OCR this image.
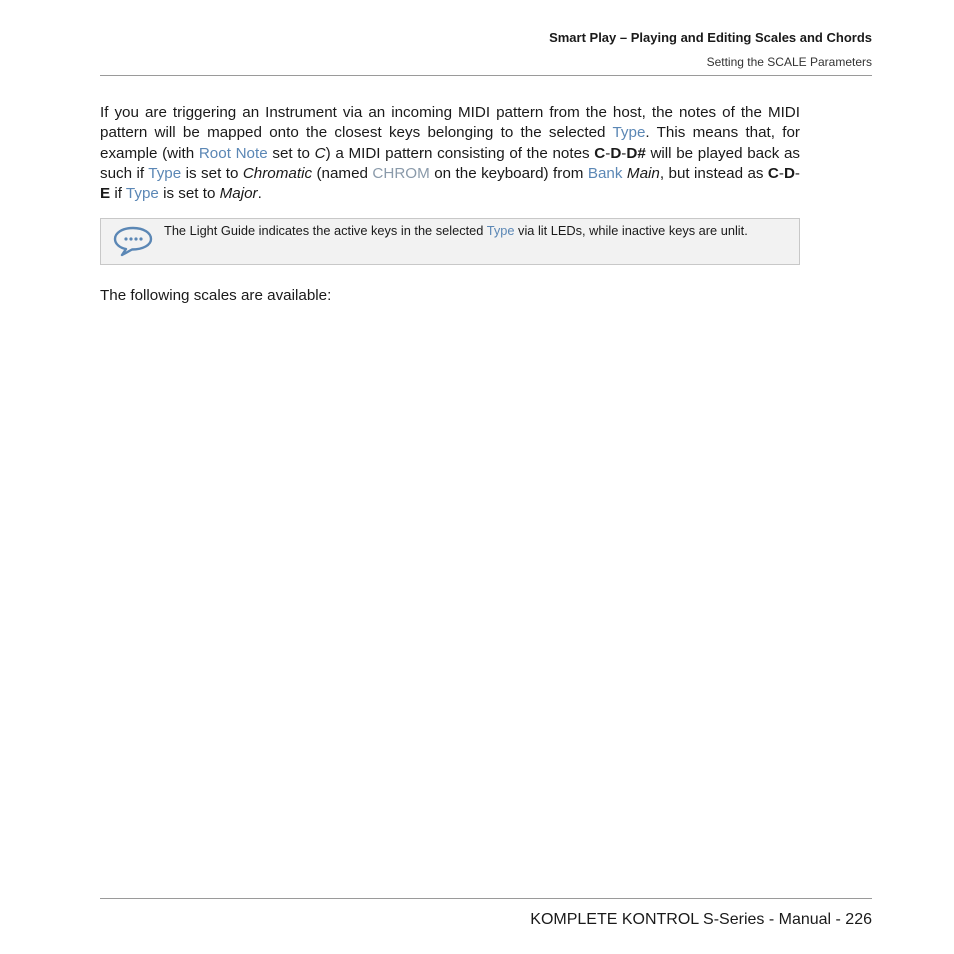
Smart Play – Playing and Editing Scales and Chords
Setting the SCALE Parameters
If you are triggering an Instrument via an incoming MIDI pattern from the host, the notes of the MIDI pattern will be mapped onto the closest keys belonging to the selected Type. This means that, for example (with Root Note set to C) a MIDI pattern consisting of the notes C-D-D# will be played back as such if Type is set to Chromatic (named CHROM on the keyboard) from Bank Main, but instead as C-D-E if Type is set to Major.
The Light Guide indicates the active keys in the selected Type via lit LEDs, while inactive keys are unlit.
The following scales are available:
KOMPLETE KONTROL S-Series - Manual - 226
